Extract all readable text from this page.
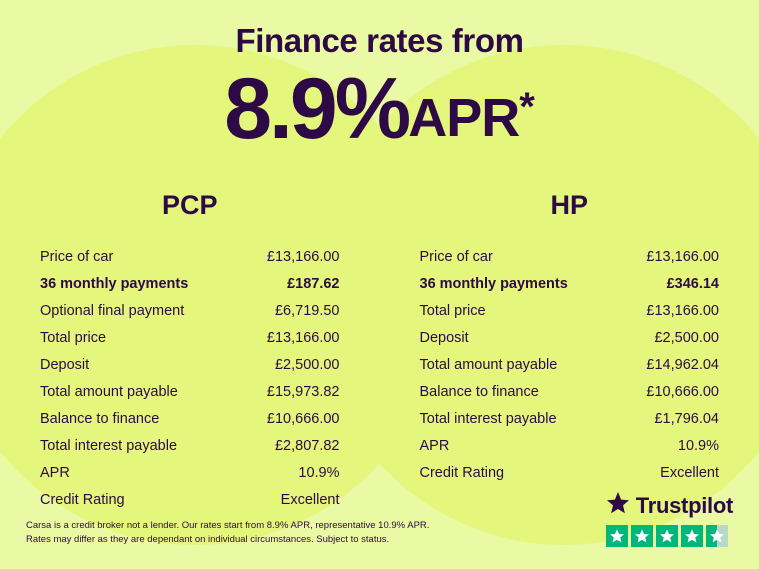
Finance rates from
8.9%APR*
PCP
Price of car	£13,166.00
36 monthly payments	£187.62
Optional final payment	£6,719.50
Total price	£13,166.00
Deposit	£2,500.00
Total amount payable	£15,973.82
Balance to finance	£10,666.00
Total interest payable	£2,807.82
APR	10.9%
Credit Rating	Excellent
HP
Price of car	£13,166.00
36 monthly payments	£346.14
Total price	£13,166.00
Deposit	£2,500.00
Total amount payable	£14,962.04
Balance to finance	£10,666.00
Total interest payable	£1,796.04
APR	10.9%
Credit Rating	Excellent
Carsa is a credit broker not a lender. Our rates start from 8.9% APR, representative 10.9% APR.
Rates may differ as they are dependant on individual circumstances. Subject to status.
Trustpilot
